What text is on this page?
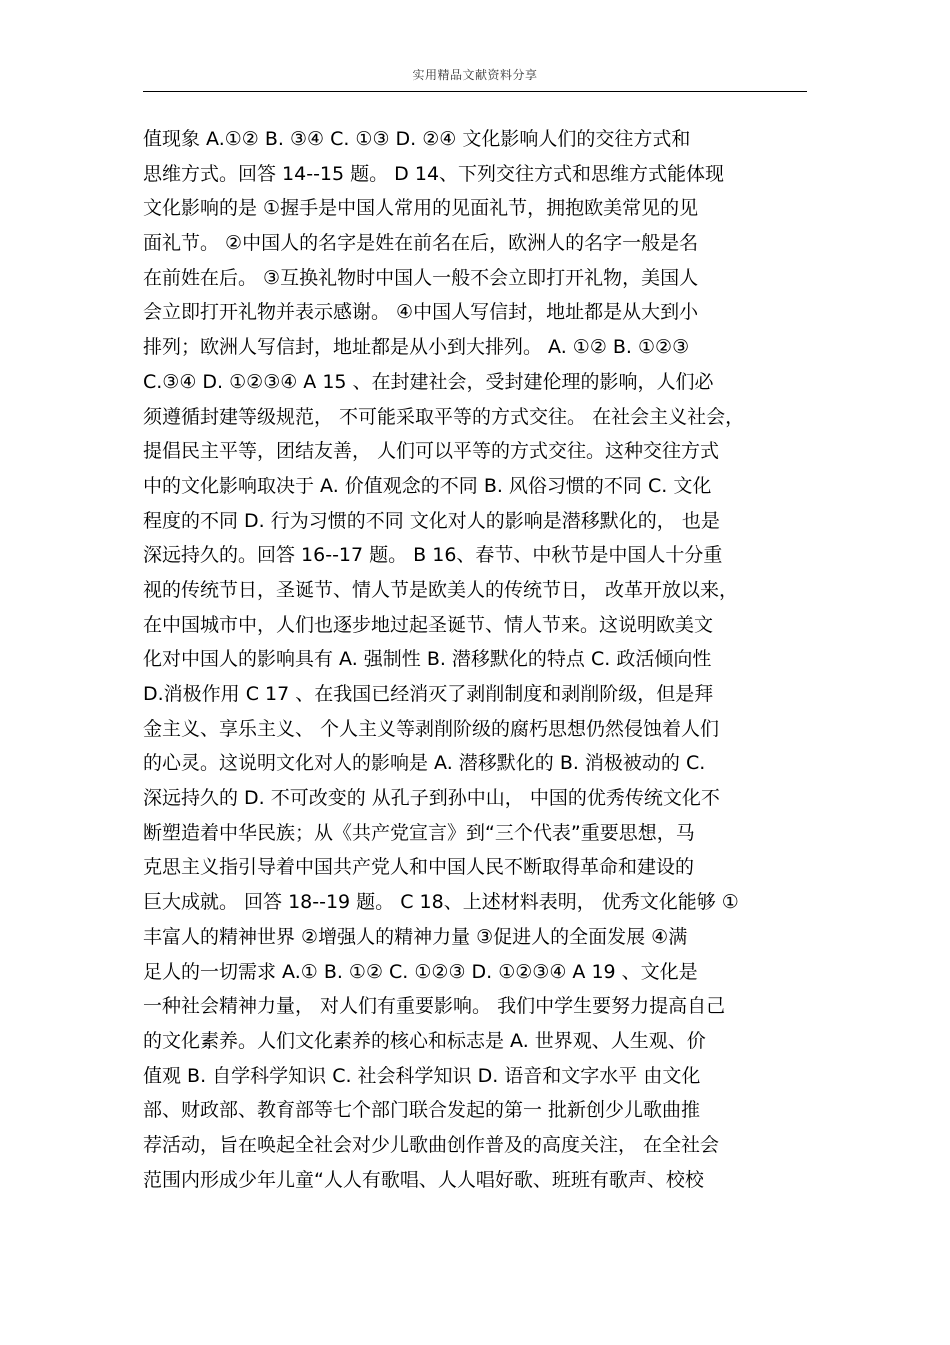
实用精品文献资料分享
值现象 A.①② B. ③④ C. ①③ D. ②④ 文化影响人们的交往方式和
思维方式。回答 14--15 题。 D 14、下列交往方式和思维方式能体现
文化影响的是 ①握手是中国人常用的见面礼节，拥抱欧美常见的见
面礼节。 ②中国人的名字是姓在前名在后，欧洲人的名字一般是名
在前姓在后。 ③互换礼物时中国人一般不会立即打开礼物，美国人
会立即打开礼物并表示感谢。 ④中国人写信封，地址都是从大到小
排列；欧洲人写信封，地址都是从小到大排列。 A. ①② B. ①②③
C.③④ D. ①②③④ A 15 、在封建社会，受封建伦理的影响，人们必
须遵循封建等级规范， 不可能采取平等的方式交往。 在社会主义社会，
提倡民主平等，团结友善， 人们可以平等的方式交往。这种交往方式
中的文化影响取决于 A. 价值观念的不同 B. 风俗习惯的不同 C. 文化
程度的不同 D. 行为习惯的不同 文化对人的影响是潜移默化的， 也是
深远持久的。回答 16--17 题。 B 16、春节、中秋节是中国人十分重
视的传统节日，圣诞节、情人节是欧美人的传统节日， 改革开放以来，
在中国城市中，人们也逐步地过起圣诞节、情人节来。这说明欧美文
化对中国人的影响具有 A. 强制性 B. 潜移默化的特点 C. 政活倾向性
D.消极作用 C 17 、在我国已经消灭了剥削制度和剥削阶级，但是拜
金主义、享乐主义、 个人主义等剥削阶级的腐朽思想仍然侵蚀着人们
的心灵。这说明文化对人的影响是 A. 潜移默化的 B. 消极被动的 C.
深远持久的 D. 不可改变的 从孔子到孙中山， 中国的优秀传统文化不
断塑造着中华民族；从《共产党宣言》到“三个代表”重要思想，马
克思主义指引导着中国共产党人和中国人民不断取得革命和建设的
巨大成就。 回答 18--19 题。 C 18、上述材料表明， 优秀文化能够 ①
丰富人的精神世界 ②增强人的精神力量 ③促进人的全面发展 ④满
足人的一切需求 A.① B. ①② C. ①②③ D. ①②③④ A 19 、文化是
一种社会精神力量， 对人们有重要影响。 我们中学生要努力提高自己
的文化素养。人们文化素养的核心和标志是 A. 世界观、人生观、价
值观 B. 自学科学知识 C. 社会科学知识 D. 语音和文字水平 由文化
部、财政部、教育部等七个部门联合发起的第一 批新创少儿歌曲推
荐活动，旨在唤起全社会对少儿歌曲创作普及的高度关注， 在全社会
范围内形成少年儿童“人人有歌唱、人人唱好歌、班班有歌声、校校
